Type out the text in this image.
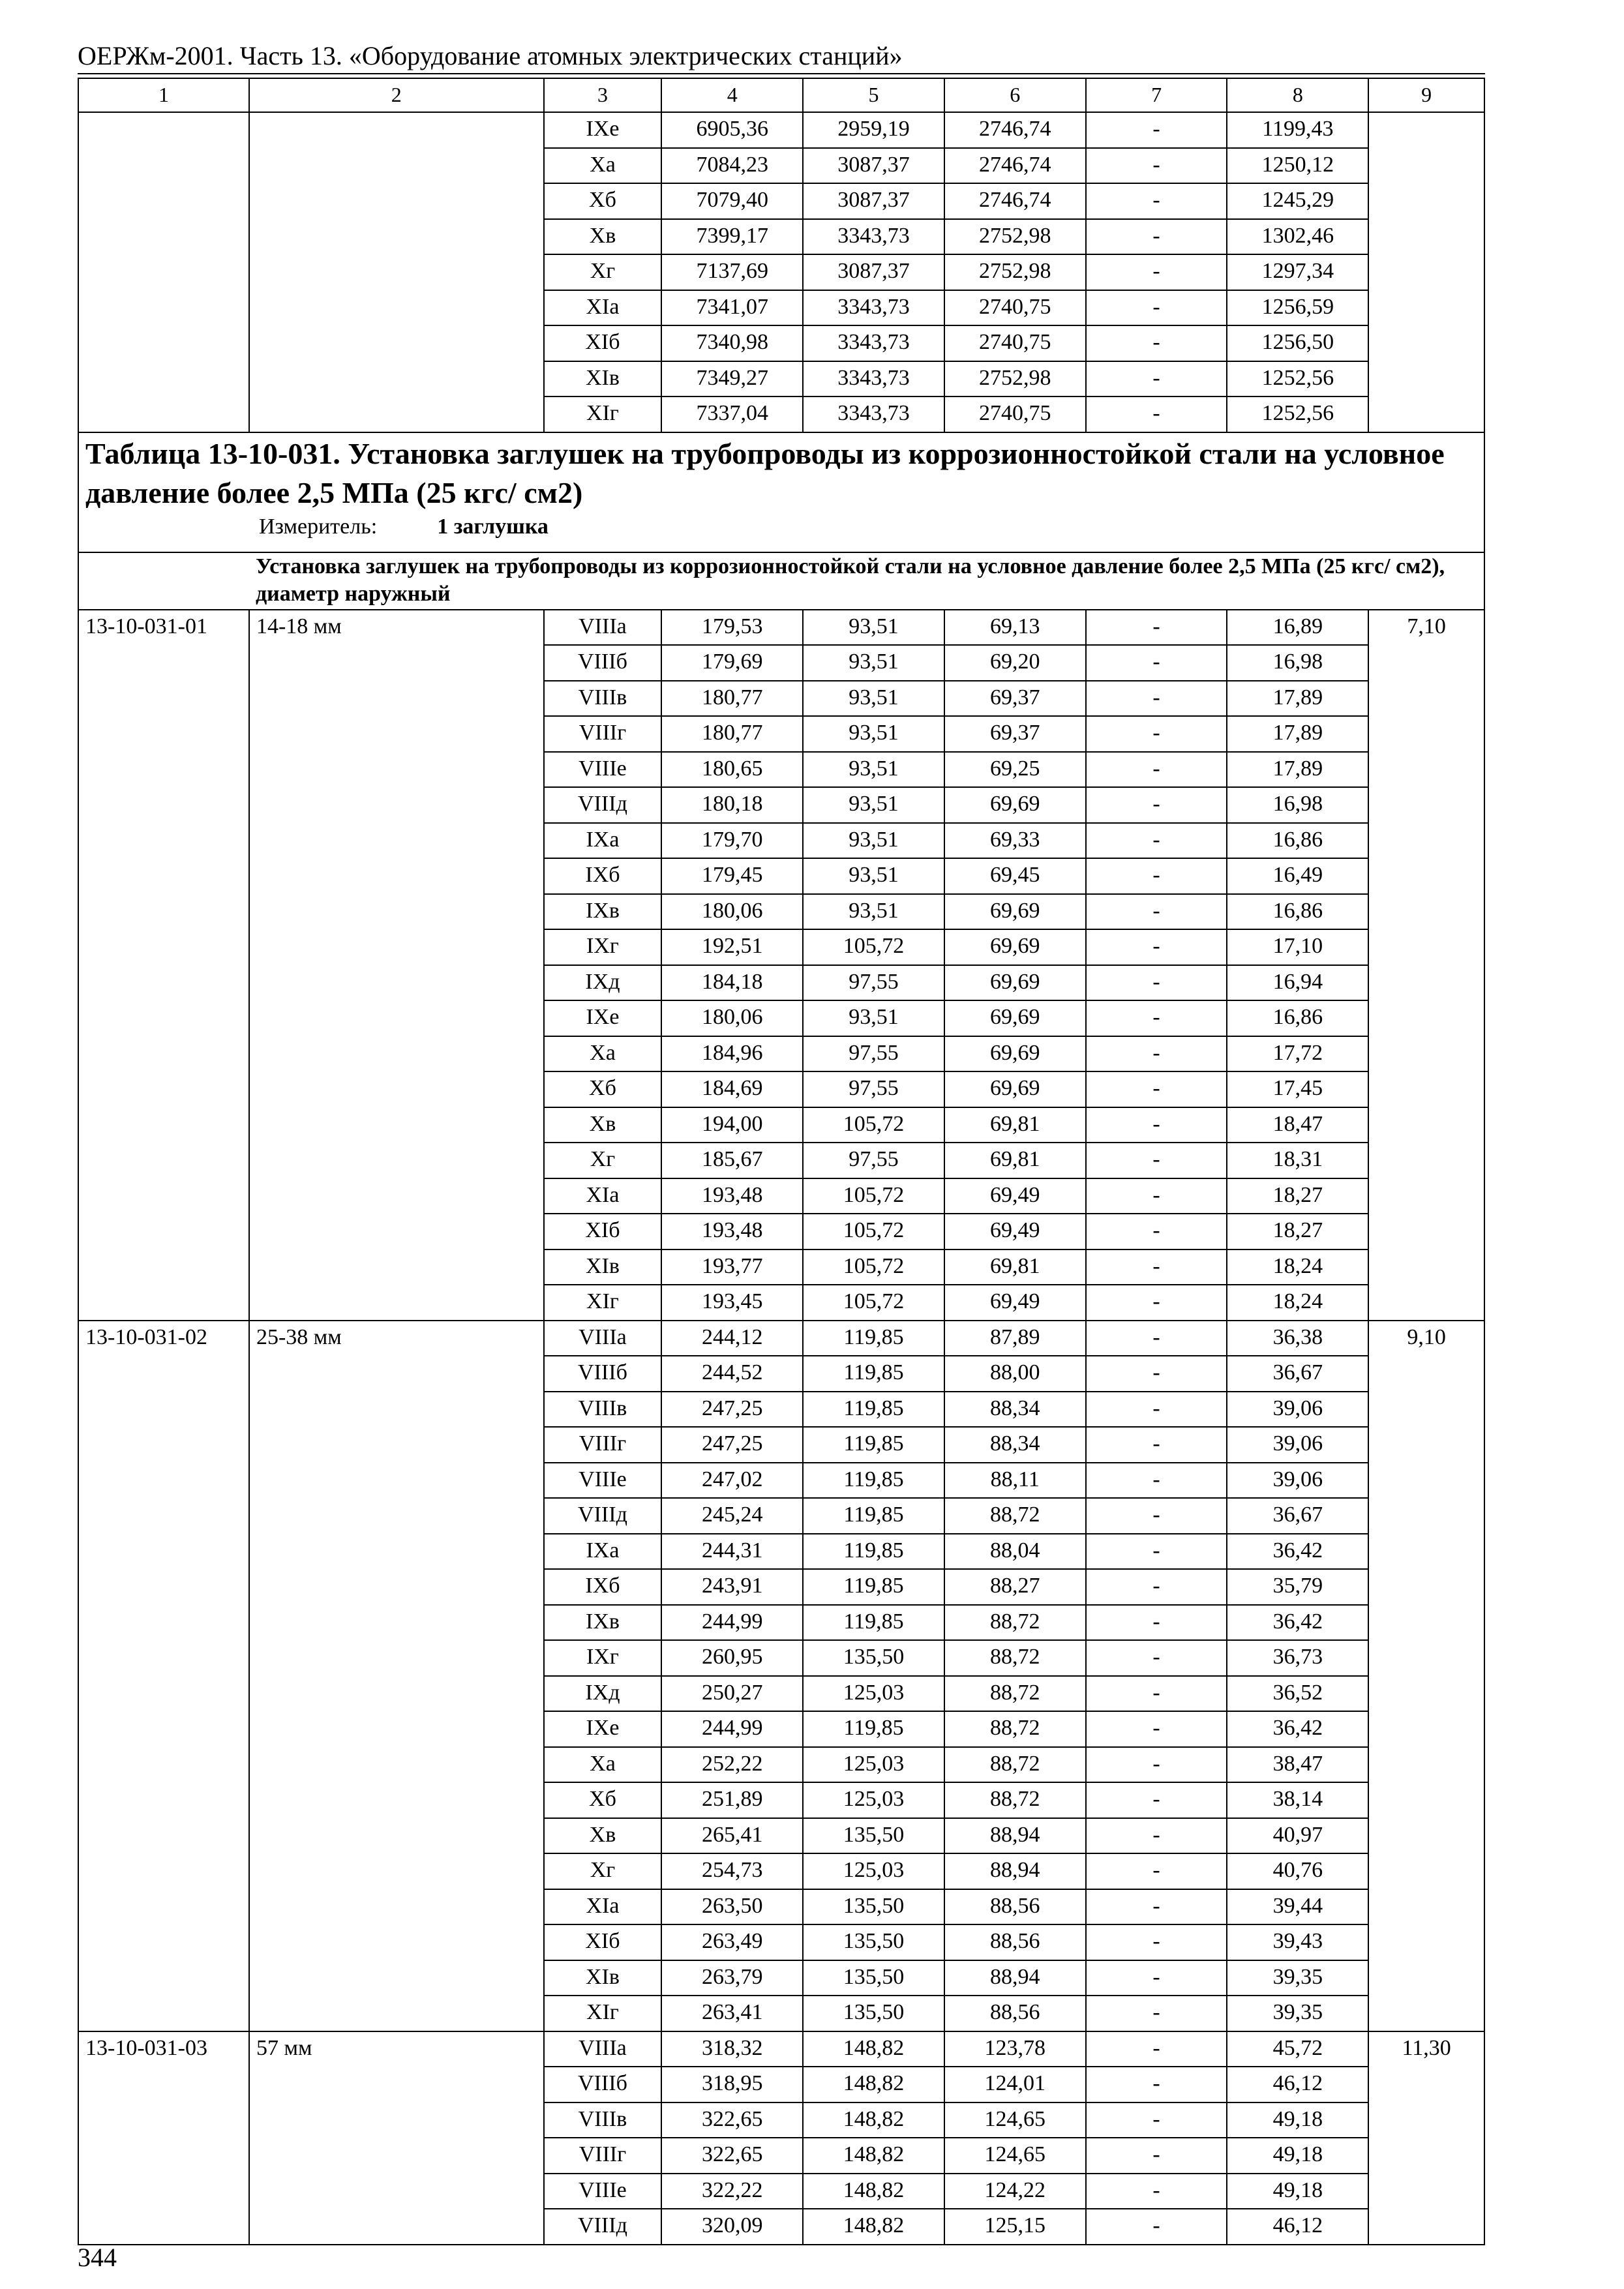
ОЕРЖм-2001. Часть 13. «Оборудование атомных электрических станций»
1	2	3	4	5	6	7	8	9
		IXe	6905,36	2959,19	2746,74	-	1199,43	
		Xa	7084,23	3087,37	2746,74	-	1250,12	
		Xб	7079,40	3087,37	2746,74	-	1245,29	
		Xв	7399,17	3343,73	2752,98	-	1302,46	
		Xг	7137,69	3087,37	2752,98	-	1297,34	
		XIa	7341,07	3343,73	2740,75	-	1256,59	
		XIб	7340,98	3343,73	2740,75	-	1256,50	
		XIв	7349,27	3343,73	2752,98	-	1252,56	
		XIг	7337,04	3343,73	2740,75	-	1252,56	

Таблица 13-10-031. Установка заглушек на трубопроводы из коррозионностойкой стали на условное давление более 2,5 МПа (25 кгс/ см2)
Измеритель: 1 заглушка								

	Установка заглушек на трубопроводы из коррозионностойкой стали на условное давление более 2,5 МПа (25 кгс/ см2), диаметр наружный							
13-10-031-01	14-18 мм	VIIIa	179,53	93,51	69,13	-	16,89	7,10
		VIIIб	179,69	93,51	69,20	-	16,98	
		VIIIв	180,77	93,51	69,37	-	17,89	
		VIIIг	180,77	93,51	69,37	-	17,89	
		VIIIe	180,65	93,51	69,25	-	17,89	
		VIIIд	180,18	93,51	69,69	-	16,98	
		IXa	179,70	93,51	69,33	-	16,86	
		IXб	179,45	93,51	69,45	-	16,49	
		IXв	180,06	93,51	69,69	-	16,86	
		IXг	192,51	105,72	69,69	-	17,10	
		IXд	184,18	97,55	69,69	-	16,94	
		IXe	180,06	93,51	69,69	-	16,86	
		Xa	184,96	97,55	69,69	-	17,72	
		Xб	184,69	97,55	69,69	-	17,45	
		Xв	194,00	105,72	69,81	-	18,47	
		Xг	185,67	97,55	69,81	-	18,31	
		XIa	193,48	105,72	69,49	-	18,27	
		XIб	193,48	105,72	69,49	-	18,27	
		XIв	193,77	105,72	69,81	-	18,24	
		XIг	193,45	105,72	69,49	-	18,24	
13-10-031-02	25-38 мм	VIIIa	244,12	119,85	87,89	-	36,38	9,10
		VIIIб	244,52	119,85	88,00	-	36,67	
		VIIIв	247,25	119,85	88,34	-	39,06	
		VIIIг	247,25	119,85	88,34	-	39,06	
		VIIIe	247,02	119,85	88,11	-	39,06	
		VIIIд	245,24	119,85	88,72	-	36,67	
		IXa	244,31	119,85	88,04	-	36,42	
		IXб	243,91	119,85	88,27	-	35,79	
		IXв	244,99	119,85	88,72	-	36,42	
		IXг	260,95	135,50	88,72	-	36,73	
		IXд	250,27	125,03	88,72	-	36,52	
		IXe	244,99	119,85	88,72	-	36,42	
		Xa	252,22	125,03	88,72	-	38,47	
		Xб	251,89	125,03	88,72	-	38,14	
		Xв	265,41	135,50	88,94	-	40,97	
		Xг	254,73	125,03	88,94	-	40,76	
		XIa	263,50	135,50	88,56	-	39,44	
		XIб	263,49	135,50	88,56	-	39,43	
		XIв	263,79	135,50	88,94	-	39,35	
		XIг	263,41	135,50	88,56	-	39,35	
13-10-031-03	57 мм	VIIIa	318,32	148,82	123,78	-	45,72	11,30
		VIIIб	318,95	148,82	124,01	-	46,12	
		VIIIв	322,65	148,82	124,65	-	49,18	
		VIIIг	322,65	148,82	124,65	-	49,18	
		VIIIe	322,22	148,82	124,22	-	49,18	
		VIIIд	320,09	148,82	125,15	-	46,12	
344
